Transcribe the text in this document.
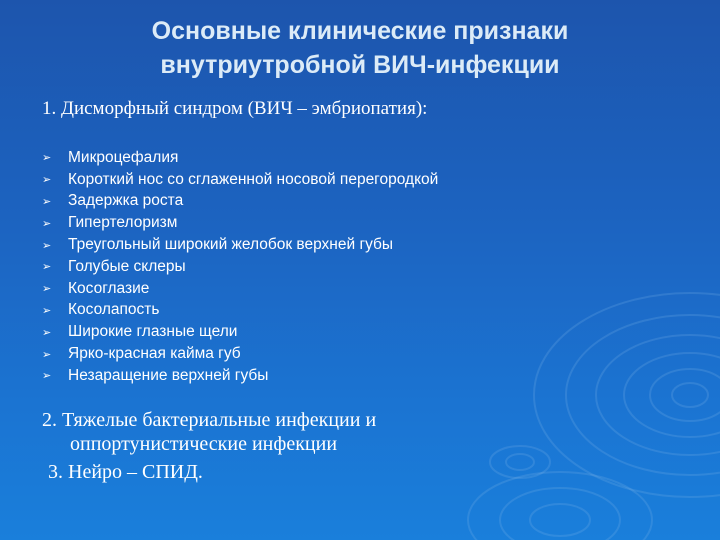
Основные клинические признаки
внутриутробной ВИЧ-инфекции
1. Дисморфный синдром (ВИЧ – эмбриопатия):
➢	Микроцефалия
➢	Короткий нос со сглаженной носовой перегородкой
➢	Задержка роста
➢	Гипертелоризм
➢	Треугольный широкий желобок верхней губы
➢	Голубые склеры
➢	Косоглазие
➢	Косолапость
➢	Широкие глазные щели
➢	Ярко-красная кайма губ
➢	Незаращение верхней губы
2. Тяжелые бактериальные инфекции и
оппортунистические инфекции
3. Нейро – СПИД.
